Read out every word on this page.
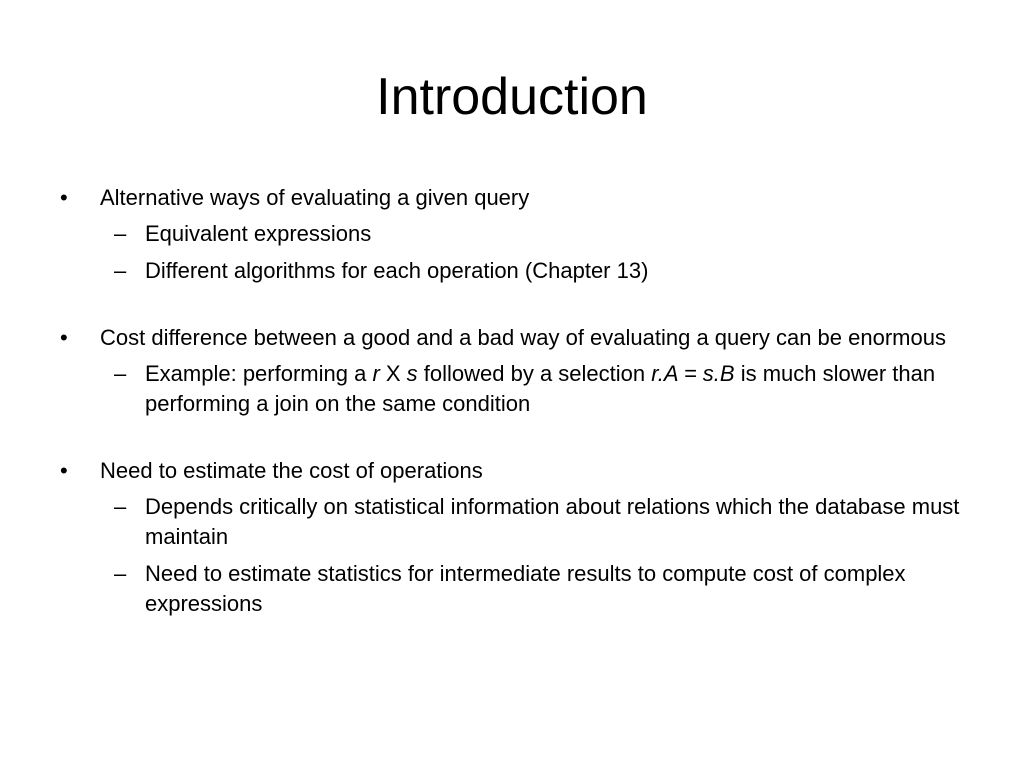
Introduction
• Alternative ways of evaluating a given query
– Equivalent expressions
– Different algorithms for each operation (Chapter 13)
• Cost difference between a good and a bad way of evaluating a query can be enormous
– Example: performing a r X s followed by a selection r.A = s.B is much slower than performing a join on the same condition
• Need to estimate the cost of operations
– Depends critically on statistical information about relations which the database must maintain
– Need to estimate statistics for intermediate results to compute cost of complex expressions
